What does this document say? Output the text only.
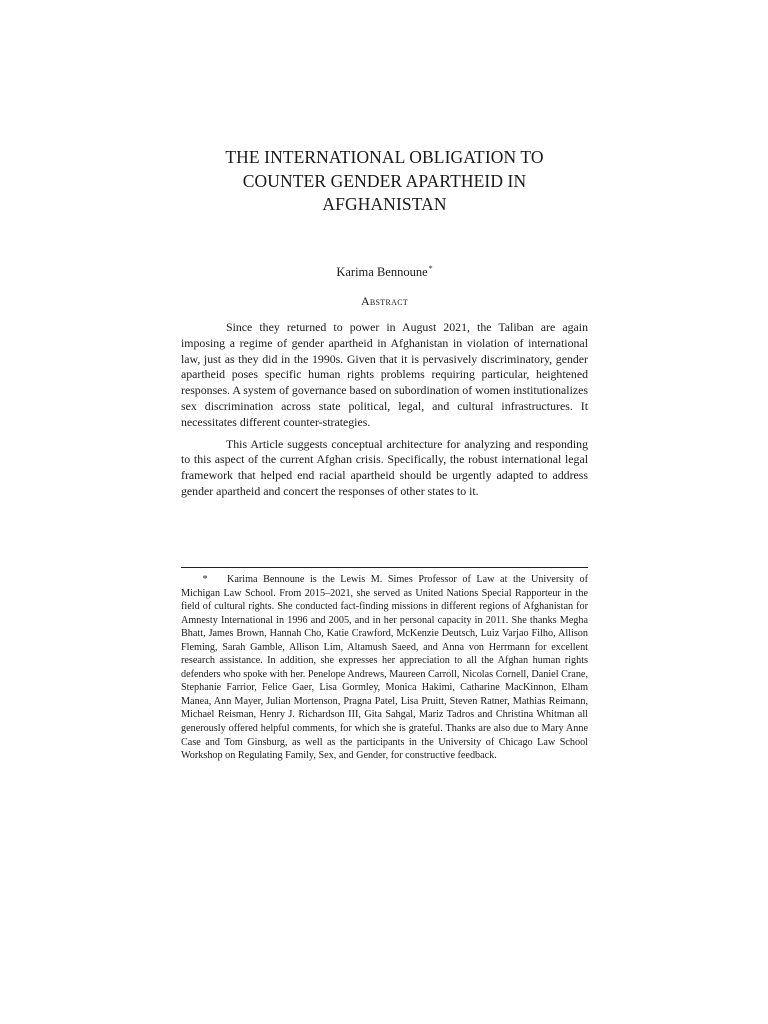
THE INTERNATIONAL OBLIGATION TO
COUNTER GENDER APARTHEID IN
AFGHANISTAN
Karima Bennoune*
Abstract

Since they returned to power in August 2021, the Taliban are again imposing a regime of gender apartheid in Afghanistan in violation of international law, just as they did in the 1990s. Given that it is pervasively discriminatory, gender apartheid poses specific human rights problems requiring particular, heightened responses. A system of governance based on subordination of women institutionalizes sex discrimination across state political, legal, and cultural infrastructures. It necessitates different counter-strategies.

This Article suggests conceptual architecture for analyzing and responding to this aspect of the current Afghan crisis. Specifically, the robust international legal framework that helped end racial apartheid should be urgently adapted to address gender apartheid and concert the responses of other states to it.

* Karima Bennoune is the Lewis M. Simes Professor of Law at the University of Michigan Law School. From 2015–2021, she served as United Nations Special Rapporteur in the field of cultural rights. She conducted fact-finding missions in different regions of Afghanistan for Amnesty International in 1996 and 2005, and in her personal capacity in 2011. She thanks Megha Bhatt, James Brown, Hannah Cho, Katie Crawford, McKenzie Deutsch, Luiz Varjao Filho, Allison Fleming, Sarah Gamble, Allison Lim, Altamush Saeed, and Anna von Herrmann for excellent research assistance. In addition, she expresses her appreciation to all the Afghan human rights defenders who spoke with her. Penelope Andrews, Maureen Carroll, Nicolas Cornell, Daniel Crane, Stephanie Farrior, Felice Gaer, Lisa Gormley, Monica Hakimi, Catharine MacKinnon, Elham Manea, Ann Mayer, Julian Mortenson, Pragna Patel, Lisa Pruitt, Steven Ratner, Mathias Reimann, Michael Reisman, Henry J. Richardson III, Gita Sahgal, Mariz Tadros and Christina Whitman all generously offered helpful comments, for which she is grateful. Thanks are also due to Mary Anne Case and Tom Ginsburg, as well as the participants in the University of Chicago Law School Workshop on Regulating Family, Sex, and Gender, for constructive feedback.
